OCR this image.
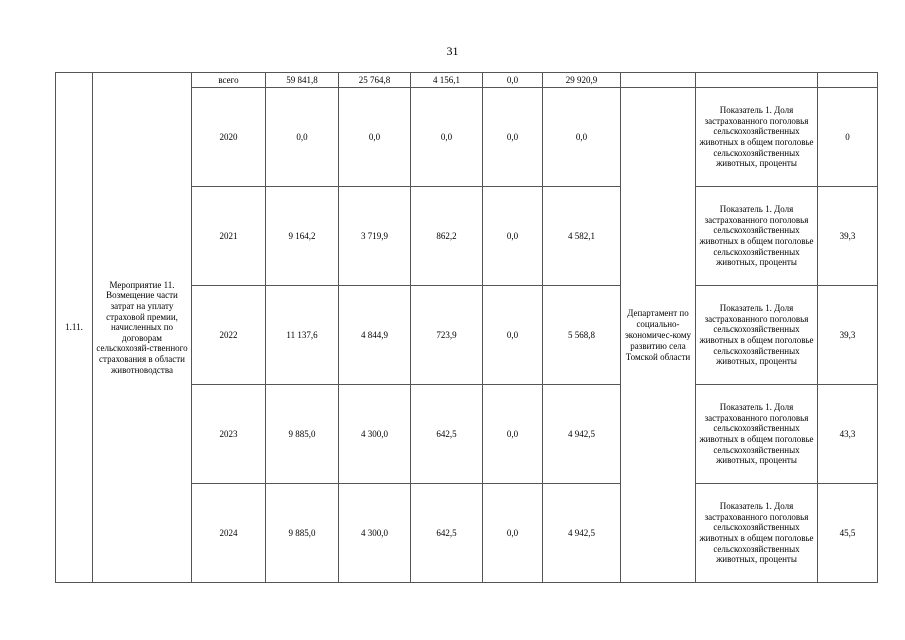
31
1.11.	Мероприятие 11. Возмещение части затрат на уплату страховой премии, начисленных по договорам сельскохозяй-ственного страхования в области животноводства	всего	59 841,8	25 764,8	4 156,1	0,0	29 920,9			
		2020	0,0	0,0	0,0	0,0	0,0	Департамент по социально-экономичес-кому развитию села Томской области	Показатель 1. Доля застрахованного поголовья сельскохозяйственных животных в общем поголовье сельскохозяйственных животных, проценты	0
		2021	9 164,2	3 719,9	862,2	0,0	4 582,1		Показатель 1. Доля застрахованного поголовья сельскохозяйственных животных в общем поголовье сельскохозяйственных животных, проценты	39,3
		2022	11 137,6	4 844,9	723,9	0,0	5 568,8		Показатель 1. Доля застрахованного поголовья сельскохозяйственных животных в общем поголовье сельскохозяйственных животных, проценты	39,3
		2023	9 885,0	4 300,0	642,5	0,0	4 942,5		Показатель 1. Доля застрахованного поголовья сельскохозяйственных животных в общем поголовье сельскохозяйственных животных, проценты	43,3
		2024	9 885,0	4 300,0	642,5	0,0	4 942,5		Показатель 1. Доля застрахованного поголовья сельскохозяйственных животных в общем поголовье сельскохозяйственных животных, проценты	45,5
